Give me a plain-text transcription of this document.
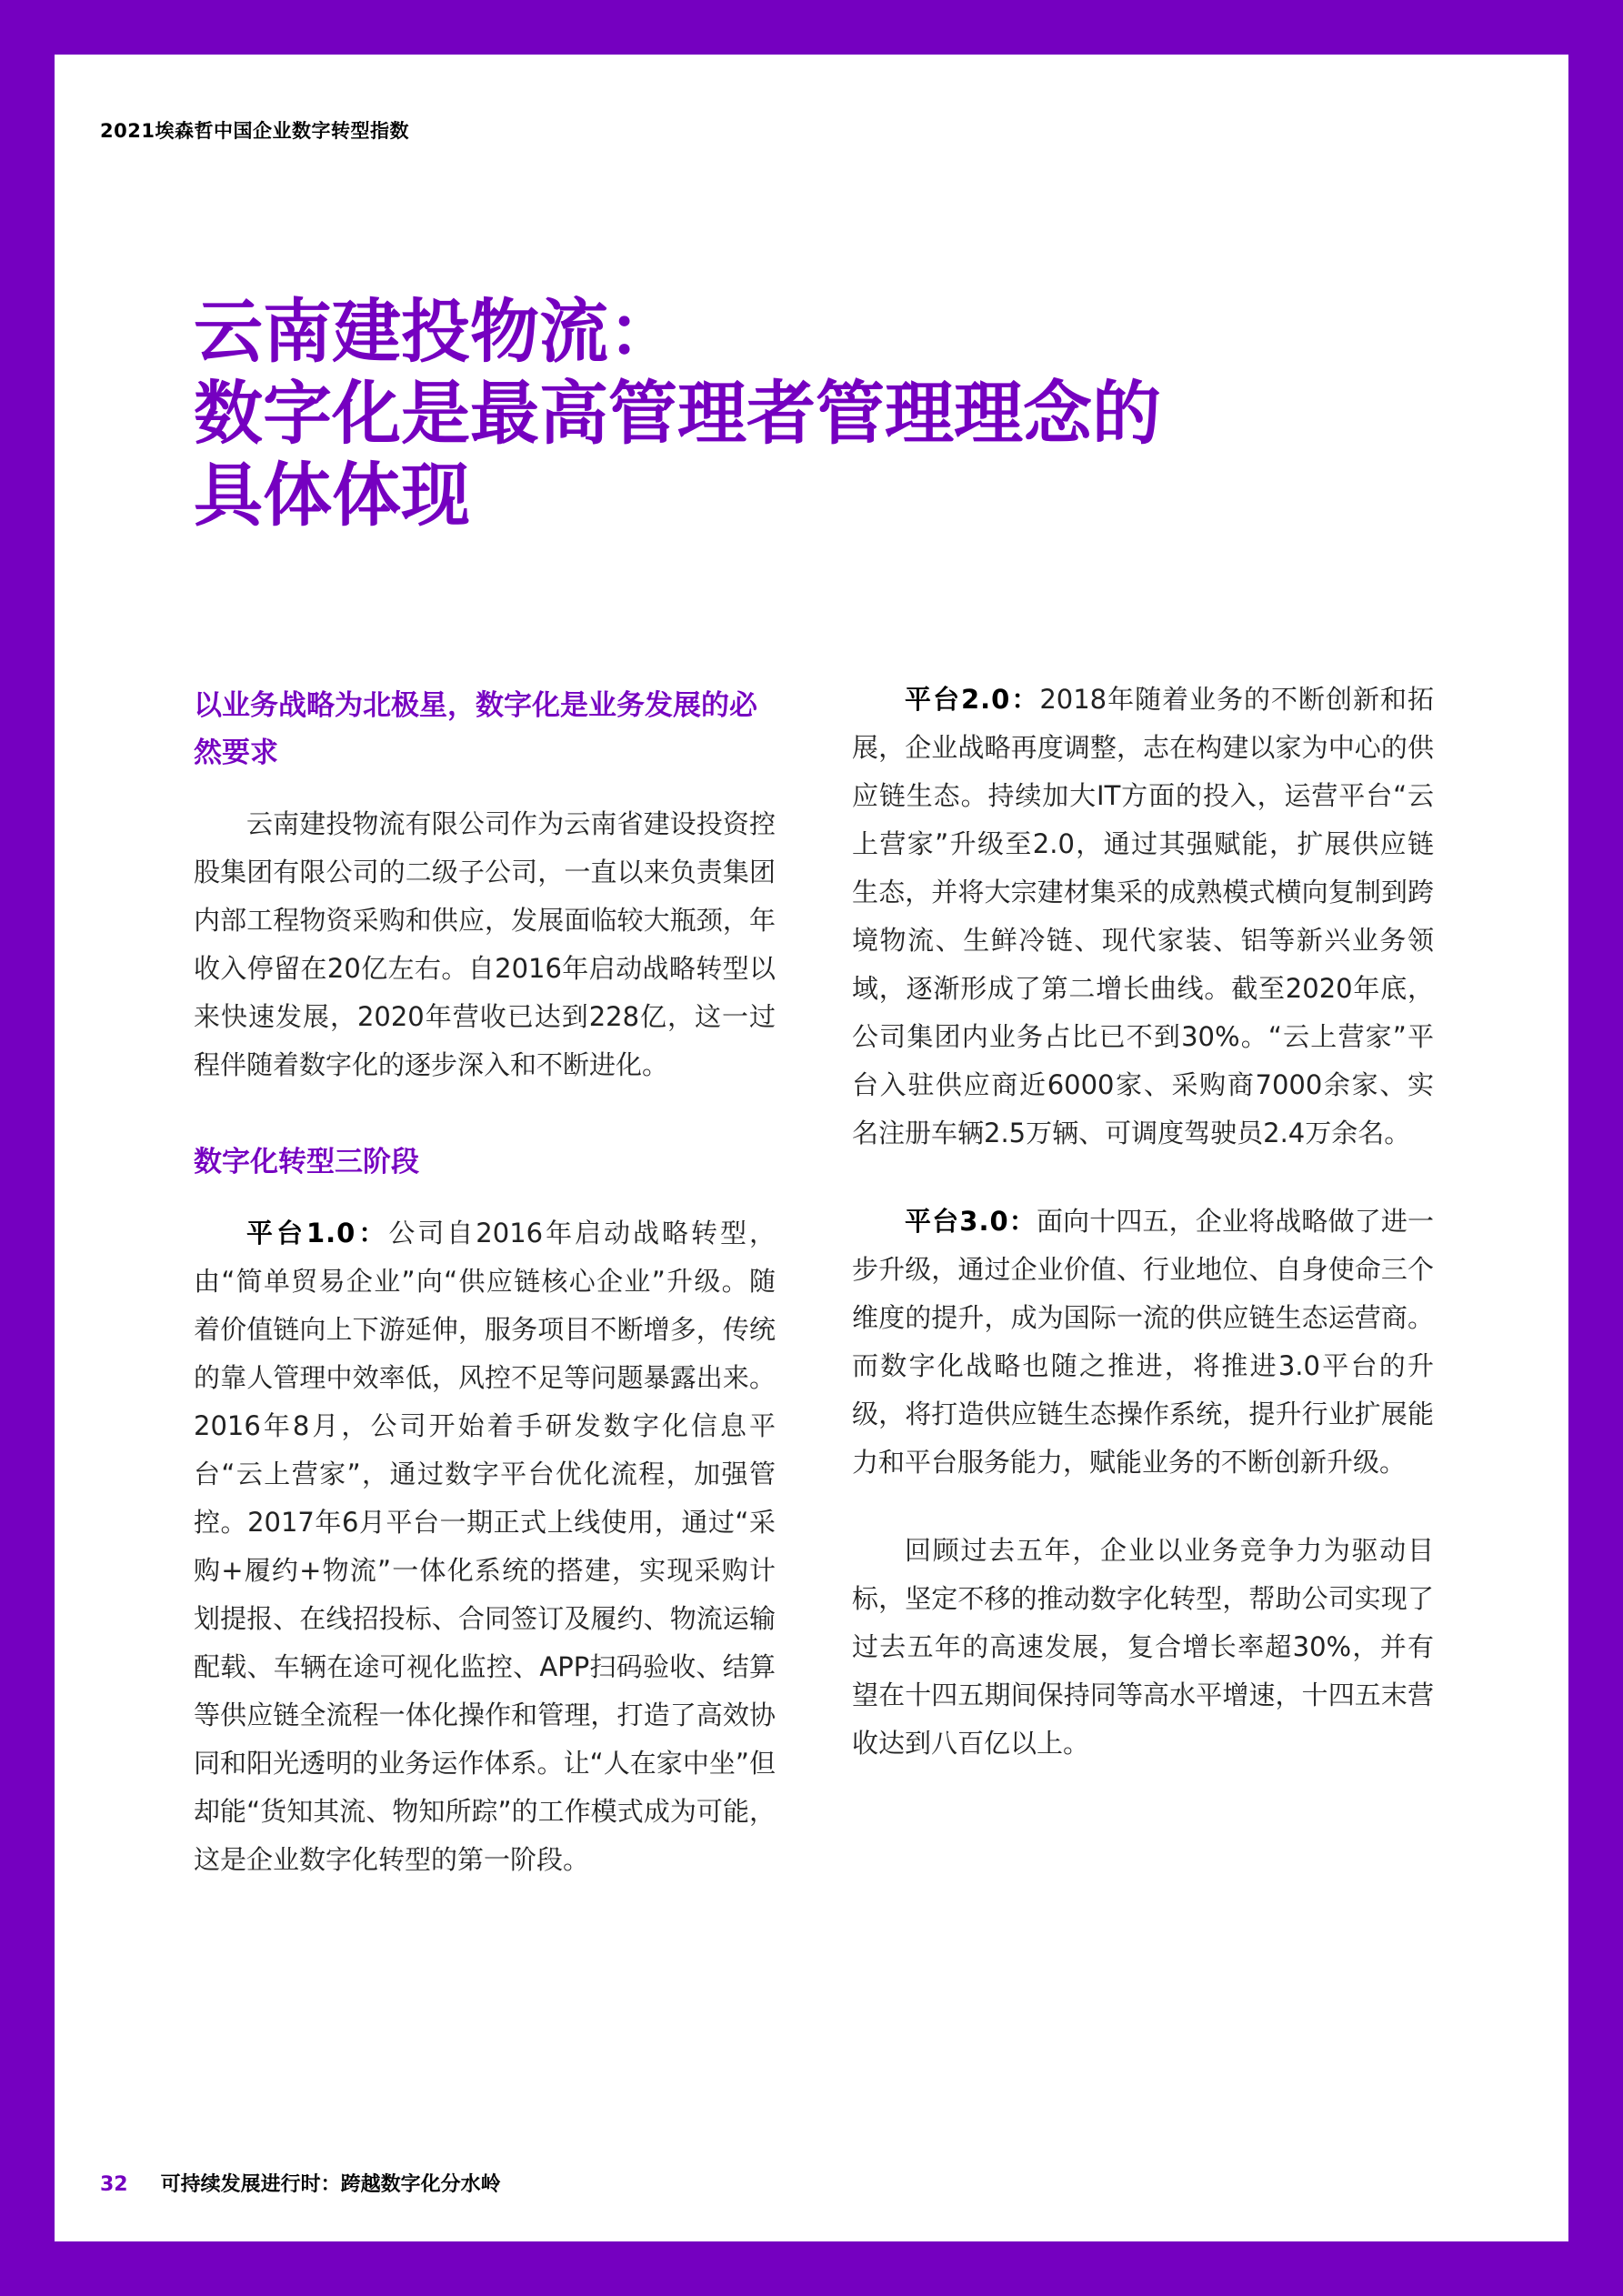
2021埃森哲中国企业数字转型指数
云南建投物流：
数字化是最高管理者管理理念的
具体体现
以业务战略为北极星，数字化是业务发展的必然要求

云南建投物流有限公司作为云南省建设投资控股集团有限公司的二级子公司，一直以来负责集团内部工程物资采购和供应，发展面临较大瓶颈，年收入停留在20亿左右。自2016年启动战略转型以来快速发展，2020年营收已达到228亿，这一过程伴随着数字化的逐步深入和不断进化。

数字化转型三阶段

平台1.0：公司自2016年启动战略转型，由“简单贸易企业”向“供应链核心企业”升级。随着价值链向上下游延伸，服务项目不断增多，传统的靠人管理中效率低，风控不足等问题暴露出来。2016年8月，公司开始着手研发数字化信息平台“云上营家”，通过数字平台优化流程，加强管控。2017年6月平台一期正式上线使用，通过“采购+履约+物流”一体化系统的搭建，实现采购计划提报、在线招投标、合同签订及履约、物流运输配载、车辆在途可视化监控、APP扫码验收、结算等供应链全流程一体化操作和管理，打造了高效协同和阳光透明的业务运作体系。让“人在家中坐”但却能“货知其流、物知所踪”的工作模式成为可能，这是企业数字化转型的第一阶段。

平台2.0：2018年随着业务的不断创新和拓展，企业战略再度调整，志在构建以家为中心的供应链生态。持续加大IT方面的投入，运营平台“云上营家”升级至2.0，通过其强赋能，扩展供应链生态，并将大宗建材集采的成熟模式横向复制到跨境物流、生鲜冷链、现代家装、铝等新兴业务领域，逐渐形成了第二增长曲线。截至2020年底，公司集团内业务占比已不到30%。“云上营家”平台入驻供应商近6000家、采购商7000余家、实名注册车辆2.5万辆、可调度驾驶员2.4万余名。

平台3.0：面向十四五，企业将战略做了进一步升级，通过企业价值、行业地位、自身使命三个维度的提升，成为国际一流的供应链生态运营商。而数字化战略也随之推进，将推进3.0平台的升级，将打造供应链生态操作系统，提升行业扩展能力和平台服务能力，赋能业务的不断创新升级。

回顾过去五年，企业以业务竞争力为驱动目标，坚定不移的推动数字化转型，帮助公司实现了过去五年的高速发展，复合增长率超30%，并有望在十四五期间保持同等高水平增速，十四五末营收达到八百亿以上。

32 可持续发展进行时：跨越数字化分水岭
